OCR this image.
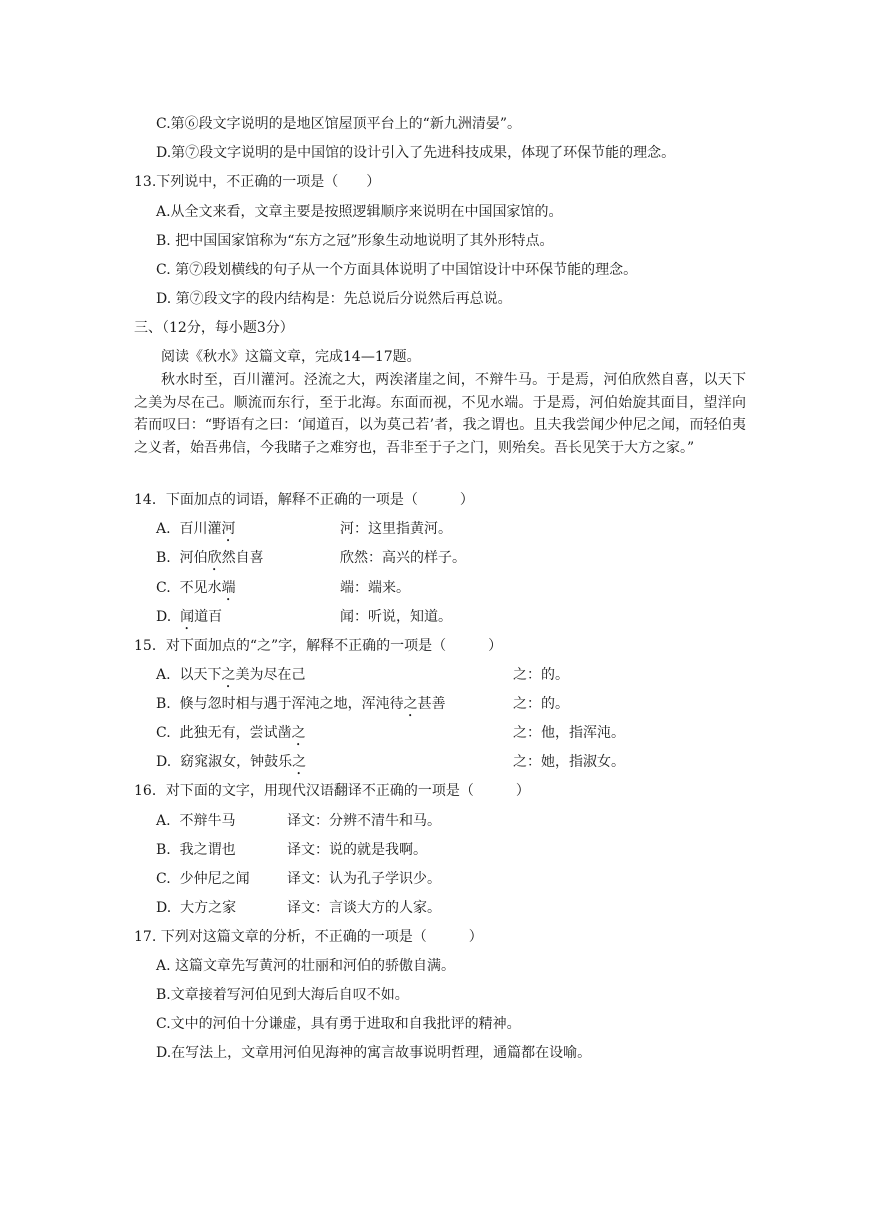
C.第⑥段文字说明的是地区馆屋顶平台上的“新九洲清晏”。
D.第⑦段文字说明的是中国馆的设计引入了先进科技成果，体现了环保节能的理念。
13.下列说中，不正确的一项是（　　）
A.从全文来看，文章主要是按照逻辑顺序来说明在中国国家馆的。
B. 把中国国家馆称为“东方之冠”形象生动地说明了其外形特点。
C. 第⑦段划横线的句子从一个方面具体说明了中国馆设计中环保节能的理念。
D. 第⑦段文字的段内结构是：先总说后分说然后再总说。
三、（12分，每小题3分）
阅读《秋水》这篇文章，完成14—17题。
秋水时至，百川灌河。泾流之大，两涘渚崖之间，不辩牛马。于是焉，河伯欣然自喜，以天下之美为尽在己。顺流而东行，至于北海。东面而视，不见水端。于是焉，河伯始旋其面目，望洋向若而叹曰：“野语有之曰：‘闻道百，以为莫己若’者，我之谓也。且夫我尝闻少仲尼之闻，而轻伯夷之义者，始吾弗信，今我睹子之难穷也，吾非至于子之门，则殆矣。吾长见笑于大方之家。”
14．下面加点的词语，解释不正确的一项是（　　　）
A. 百川灌河	河：这里指黄河。
B. 河伯欣然自喜	欣然：高兴的样子。
C. 不见水端	端：端来。
D. 闻道百	闻：听说，知道。
15．对下面加点的“之”字，解释不正确的一项是（　　　）
A. 以天下之美为尽在己	之：的。
B. 倏与忽时相与遇于浑沌之地，浑沌待之甚善	之：的。
C. 此独无有，尝试凿之	之：他，指浑沌。
D. 窈窕淑女，钟鼓乐之	之：她，指淑女。
16．对下面的文字，用现代汉语翻译不正确的一项是（　　　）
A. 不辩牛马	译文：分辨不清牛和马。
B. 我之谓也	译文：说的就是我啊。
C. 少仲尼之闻	译文：认为孔子学识少。
D. 大方之家	译文：言谈大方的人家。
17. 下列对这篇文章的分析，不正确的一项是（　　　）
A. 这篇文章先写黄河的壮丽和河伯的骄傲自满。
B.文章接着写河伯见到大海后自叹不如。
C.文中的河伯十分谦虚，具有勇于进取和自我批评的精神。
D.在写法上，文章用河伯见海神的寓言故事说明哲理，通篇都在设喻。
